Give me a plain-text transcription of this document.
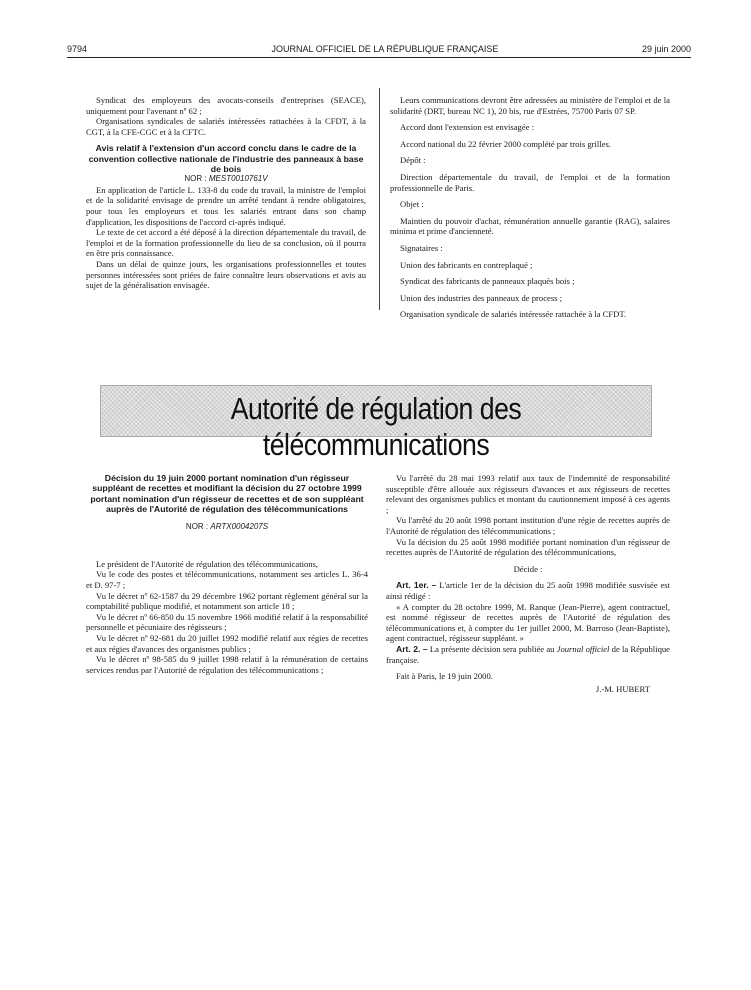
9794	JOURNAL OFFICIEL DE LA RÉPUBLIQUE FRANÇAISE	29 juin 2000

Syndicat des employeurs des avocats-conseils d'entreprises (SEACE), uniquement pour l'avenant nº 62 ;

Organisations syndicales de salariés intéressées rattachées à la CFDT, à la CGT, à la CFE-CGC et à la CFTC.

Avis relatif à l'extension d'un accord conclu dans le cadre de la convention collective nationale de l'industrie des panneaux à base de bois

NOR : MEST0010761V

En application de l'article L. 133-8 du code du travail, la ministre de l'emploi et de la solidarité envisage de prendre un arrêté tendant à rendre obligatoires, pour tous les employeurs et tous les salariés entrant dans son champ d'application, les dispositions de l'accord ci-après indiqué.

Le texte de cet accord a été déposé à la direction départementale du travail, de l'emploi et de la formation professionnelle du lieu de sa conclusion, où il pourra en être pris connaissance.

Dans un délai de quinze jours, les organisations professionnelles et toutes personnes intéressées sont priées de faire connaître leurs observations et avis au sujet de la généralisation envisagée.

Leurs communications devront être adressées au ministère de l'emploi et de la solidarité (DRT, bureau NC 1), 20 bis, rue d'Estrées, 75700 Paris 07 SP.

Accord dont l'extension est envisagée :

Accord national du 22 février 2000 complété par trois grilles.

Dépôt :

Direction départementale du travail, de l'emploi et de la formation professionnelle de Paris.

Objet :

Maintien du pouvoir d'achat, rémunération annuelle garantie (RAG), salaires minima et prime d'ancienneté.

Signataires :

Union des fabricants en contreplaqué ;

Syndicat des fabricants de panneaux plaqués bois ;

Union des industries des panneaux de process ;

Organisation syndicale de salariés intéressée rattachée à la CFDT.

Autorité de régulation des télécommunications

Décision du 19 juin 2000 portant nomination d'un régisseur suppléant de recettes et modifiant la décision du 27 octobre 1999 portant nomination d'un régisseur de recettes et de son suppléant auprès de l'Autorité de régulation des télécommunications

NOR : ARTX0004207S

Le président de l'Autorité de régulation des télécommunications,

Vu le code des postes et télécommunications, notamment ses articles L. 36-4 et D. 97-7 ;

Vu le décret nº 62-1587 du 29 décembre 1962 portant règlement général sur la comptabilité publique modifié, et notamment son article 18 ;

Vu le décret nº 66-850 du 15 novembre 1966 modifié relatif à la responsabilité personnelle et pécuniaire des régisseurs ;

Vu le décret nº 92-681 du 20 juillet 1992 modifié relatif aux régies de recettes et aux régies d'avances des organismes publics ;

Vu le décret nº 98-585 du 9 juillet 1998 relatif à la rémunération de certains services rendus par l'Autorité de régulation des télécommunications ;

Vu l'arrêté du 28 mai 1993 relatif aux taux de l'indemnité de responsabilité susceptible d'être allouée aux régisseurs d'avances et aux régisseurs de recettes relevant des organismes publics et montant du cautionnement imposé à ces agents ;

Vu l'arrêté du 20 août 1998 portant institution d'une régie de recettes auprès de l'Autorité de régulation des télécommunications ;

Vu la décision du 25 août 1998 modifiée portant nomination d'un régisseur de recettes auprès de l'Autorité de régulation des télécommunications,

Décide :

Art. 1er. – L'article 1er de la décision du 25 août 1998 modifiée susvisée est ainsi rédigé :

« A compter du 28 octobre 1999, M. Ranque (Jean-Pierre), agent contractuel, est nommé régisseur de recettes auprès de l'Autorité de régulation des télécommunications et, à compter du 1er juillet 2000, M. Barroso (Jean-Baptiste), agent contractuel, régisseur suppléant. »

Art. 2. – La présente décision sera publiée au Journal officiel de la République française.

Fait à Paris, le 19 juin 2000.

J.-M. HUBERT
